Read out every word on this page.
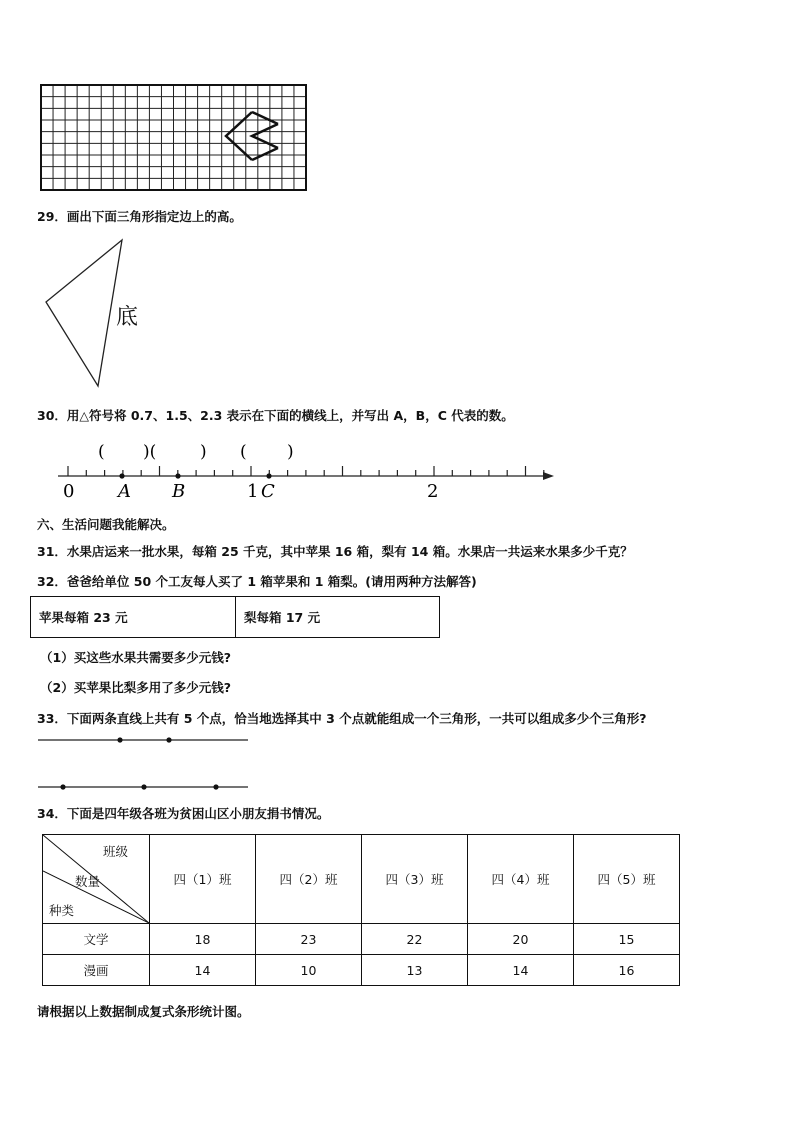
29．画出下面三角形指定边上的高。
底
30．用△符号将 0.7、1.5、2.3 表示在下面的横线上，并写出 A，B，C 代表的数。
( )(	) ( )
0 A B	1 C	2
六、生活问题我能解决。
31．水果店运来一批水果，每箱 25 千克，其中苹果 16 箱，梨有 14 箱。水果店一共运来水果多少千克？
32．爸爸给单位 50 个工友每人买了 1 箱苹果和 1 箱梨。(请用两种方法解答)
苹果每箱 23 元	梨每箱 17 元
（1）买这些水果共需要多少元钱?
（2）买苹果比梨多用了多少元钱?
33．下面两条直线上共有 5 个点，恰当地选择其中 3 个点就能组成一个三角形，一共可以组成多少个三角形?
34．下面是四年级各班为贫困山区小朋友捐书情况。
班级
数量
种类	四（1）班	四（2）班	四（3）班	四（4）班	四（5）班
文学	18	23	22	20	15
漫画	14	10	13	14	16
请根据以上数据制成复式条形统计图。
